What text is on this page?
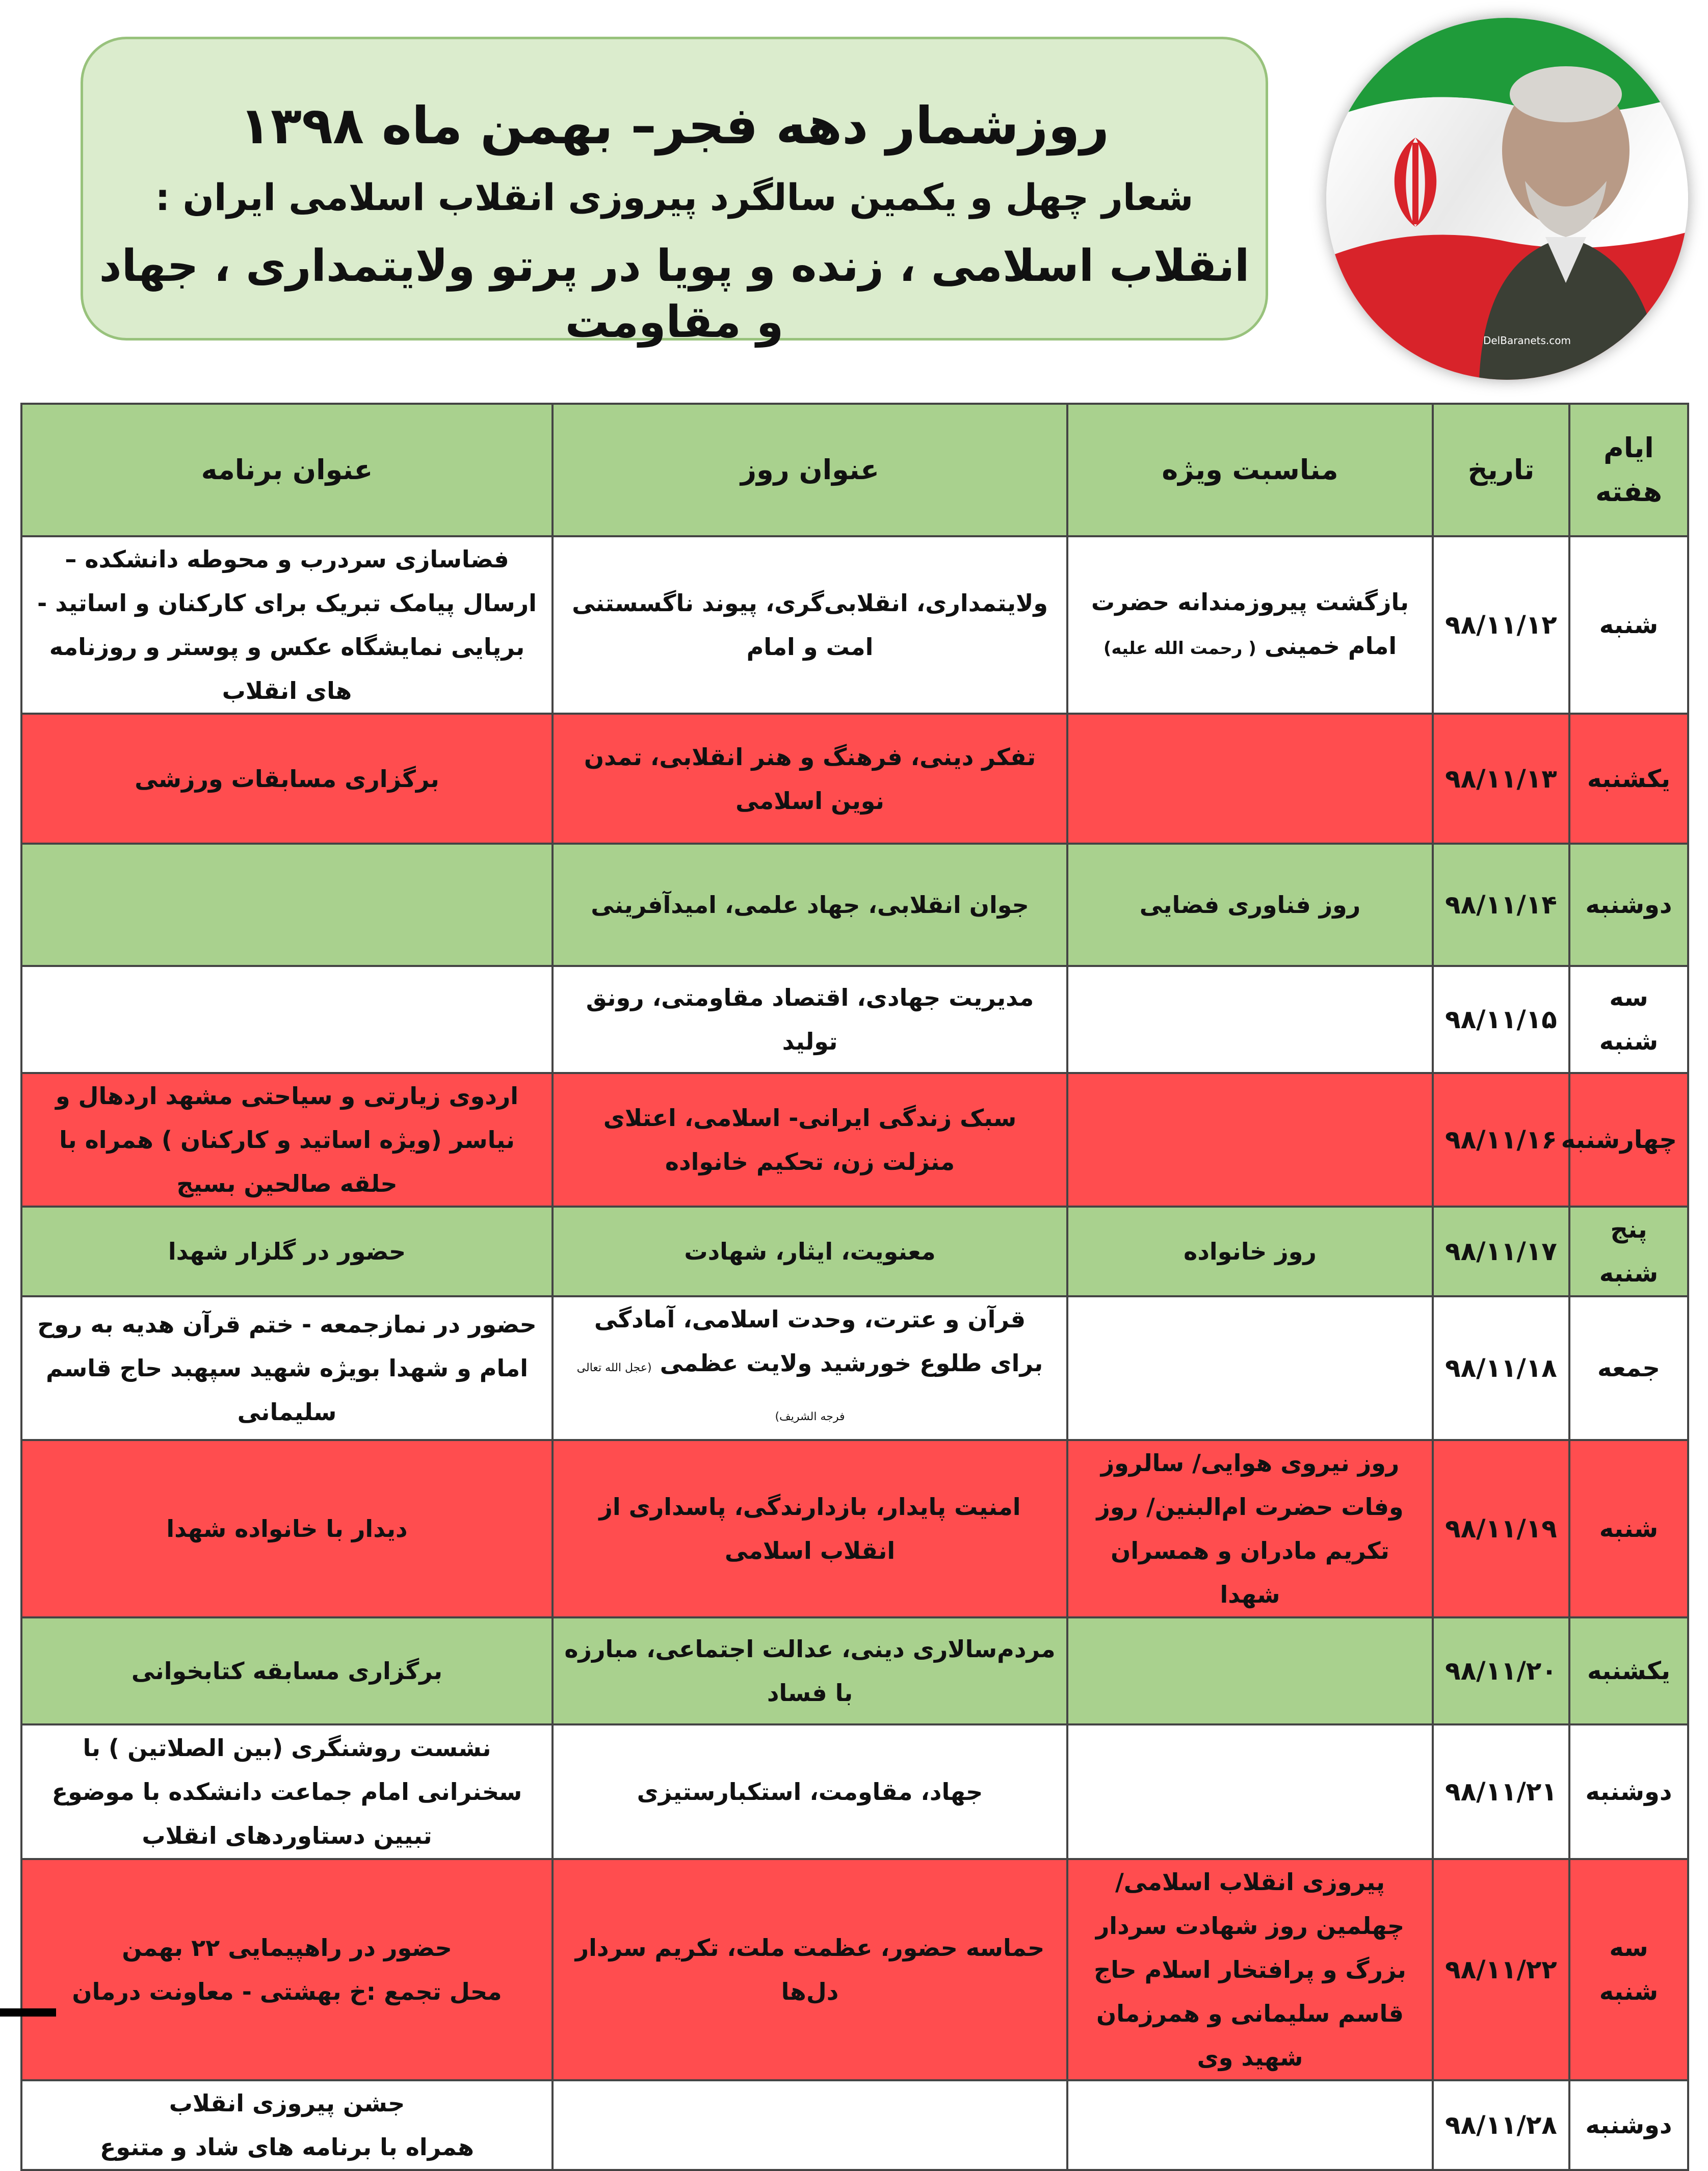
روزشمار دهه فجر– بهمن ماه ۱۳۹۸
شعار چهل و یکمین سالگرد پیروزی انقلاب اسلامی ایران :
انقلاب اسلامی ، زنده و پویا در پرتو ولایتمداری ، جهاد و مقاومت	DelBaranets.com
ایام هفته	تاریخ	مناسبت ویژه	عنوان روز	عنوان برنامه
شنبه	۹۸/۱۱/۱۲	بازگشت پیروزمندانه حضرت امام خمینی ( رحمت الله علیه)	ولایتمداری، انقلابی‌گری، پیوند ناگسستنی امت و امام	فضاسازی سردرب و محوطه دانشکده – ارسال پیامک تبریک برای کارکنان و اساتید - برپایی نمایشگاه عکس و پوستر و روزنامه های انقلاب
یکشنبه	۹۸/۱۱/۱۳		تفکر دینی، فرهنگ و هنر انقلابی، تمدن نوین اسلامی	برگزاری مسابقات ورزشی
دوشنبه	۹۸/۱۱/۱۴	روز فناوری فضایی	جوان انقلابی، جهاد علمی، امیدآفرینی	
سه شنبه	۹۸/۱۱/۱۵		مدیریت جهادی، اقتصاد مقاومتی، رونق تولید	
چهارشنبه	۹۸/۱۱/۱۶		سبک زندگی ایرانی- اسلامی، اعتلای منزلت زن، تحکیم خانواده	اردوی زیارتی و سیاحتی مشهد اردهال و نیاسر (ویژه اساتید و کارکنان ) همراه با حلقه صالحین بسیج
پنج شنبه	۹۸/۱۱/۱۷	روز خانواده	معنویت، ایثار، شهادت	حضور در گلزار شهدا
جمعه	۹۸/۱۱/۱۸		قرآن و عترت، وحدت اسلامی، آمادگی برای طلوع خورشید ولایت عظمی (عجل الله تعالی فرجه الشریف)	حضور در نمازجمعه - ختم قرآن هدیه به روح امام و شهدا بویژه شهید سپهبد حاج قاسم سلیمانی
شنبه	۹۸/۱۱/۱۹	روز نیروی هوایی/ سالروز وفات حضرت ام‌البنین/ روز تکریم مادران و همسران شهدا	امنیت پایدار، بازدارندگی، پاسداری از انقلاب اسلامی	دیدار با خانواده شهدا
یکشنبه	۹۸/۱۱/۲۰		مردم‌سالاری دینی، عدالت اجتماعی، مبارزه با فساد	برگزاری مسابقه کتابخوانی
دوشنبه	۹۸/۱۱/۲۱		جهاد، مقاومت، استکبارستیزی	نشست روشنگری (بین الصلاتین ) با سخنرانی امام جماعت دانشکده با موضوع تبیین دستاوردهای انقلاب
سه شنبه	۹۸/۱۱/۲۲	پیروزی انقلاب اسلامی/چهلمین روز شهادت سردار بزرگ و پرافتخار اسلام حاج قاسم سلیمانی و همرزمان شهید وی	حماسه حضور، عظمت ملت، تکریم سردار دل‌ها	حضور در راهپیمایی ۲۲ بهمن
محل تجمع :خ بهشتی - معاونت درمان

دوشنبه	۹۸/۱۱/۲۸			جشن پیروزی انقلاب
همراه با برنامه های شاد و متنوع
